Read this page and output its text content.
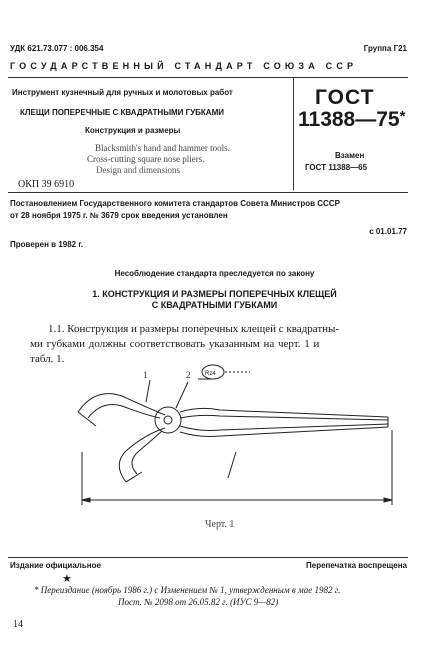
УДК 621.73.077 : 006.354	Группа Г21
ГОСУДАРСТВЕННЫЙ СТАНДАРТ СОЮЗА ССР
Инструмент кузнечный для ручных и молотовых работ
КЛЕЩИ ПОПЕРЕЧНЫЕ С КВАДРАТНЫМИ ГУБКАМИ
Конструкция и размеры
Blacksmith's hand and hammer tools.
Cross-cutting square nose pliers.
Design and dimensions
ГОСТ
11388—75*
Взамен
ГОСТ 11388—65
ОКП 39 6910
Постановлением Государственного комитета стандартов Совета Министров СССР
от 28 ноября 1975 г. № 3679 срок введения установлен
с 01.01.77
Проверен в 1982 г.
Несоблюдение стандарта преследуется по закону
1. КОНСТРУКЦИЯ И РАЗМЕРЫ ПОПЕРЕЧНЫХ КЛЕЩЕЙ
С КВАДРАТНЫМИ ГУБКАМИ
1.1. Конструкция и размеры поперечных клещей с квадратны-
ми губками должны соответствовать указанным на черт. 1 и
табл. 1.
1	2 Rz4
Черт. 1
Издание официальное	Перепечатка воспрещена
★
* Переиздание (ноябрь 1986 г.) с Изменением № 1, утвержденным в мае 1982 г.
Пост. № 2098 от 26.05.82 г. (ИУС 9—82)
14
